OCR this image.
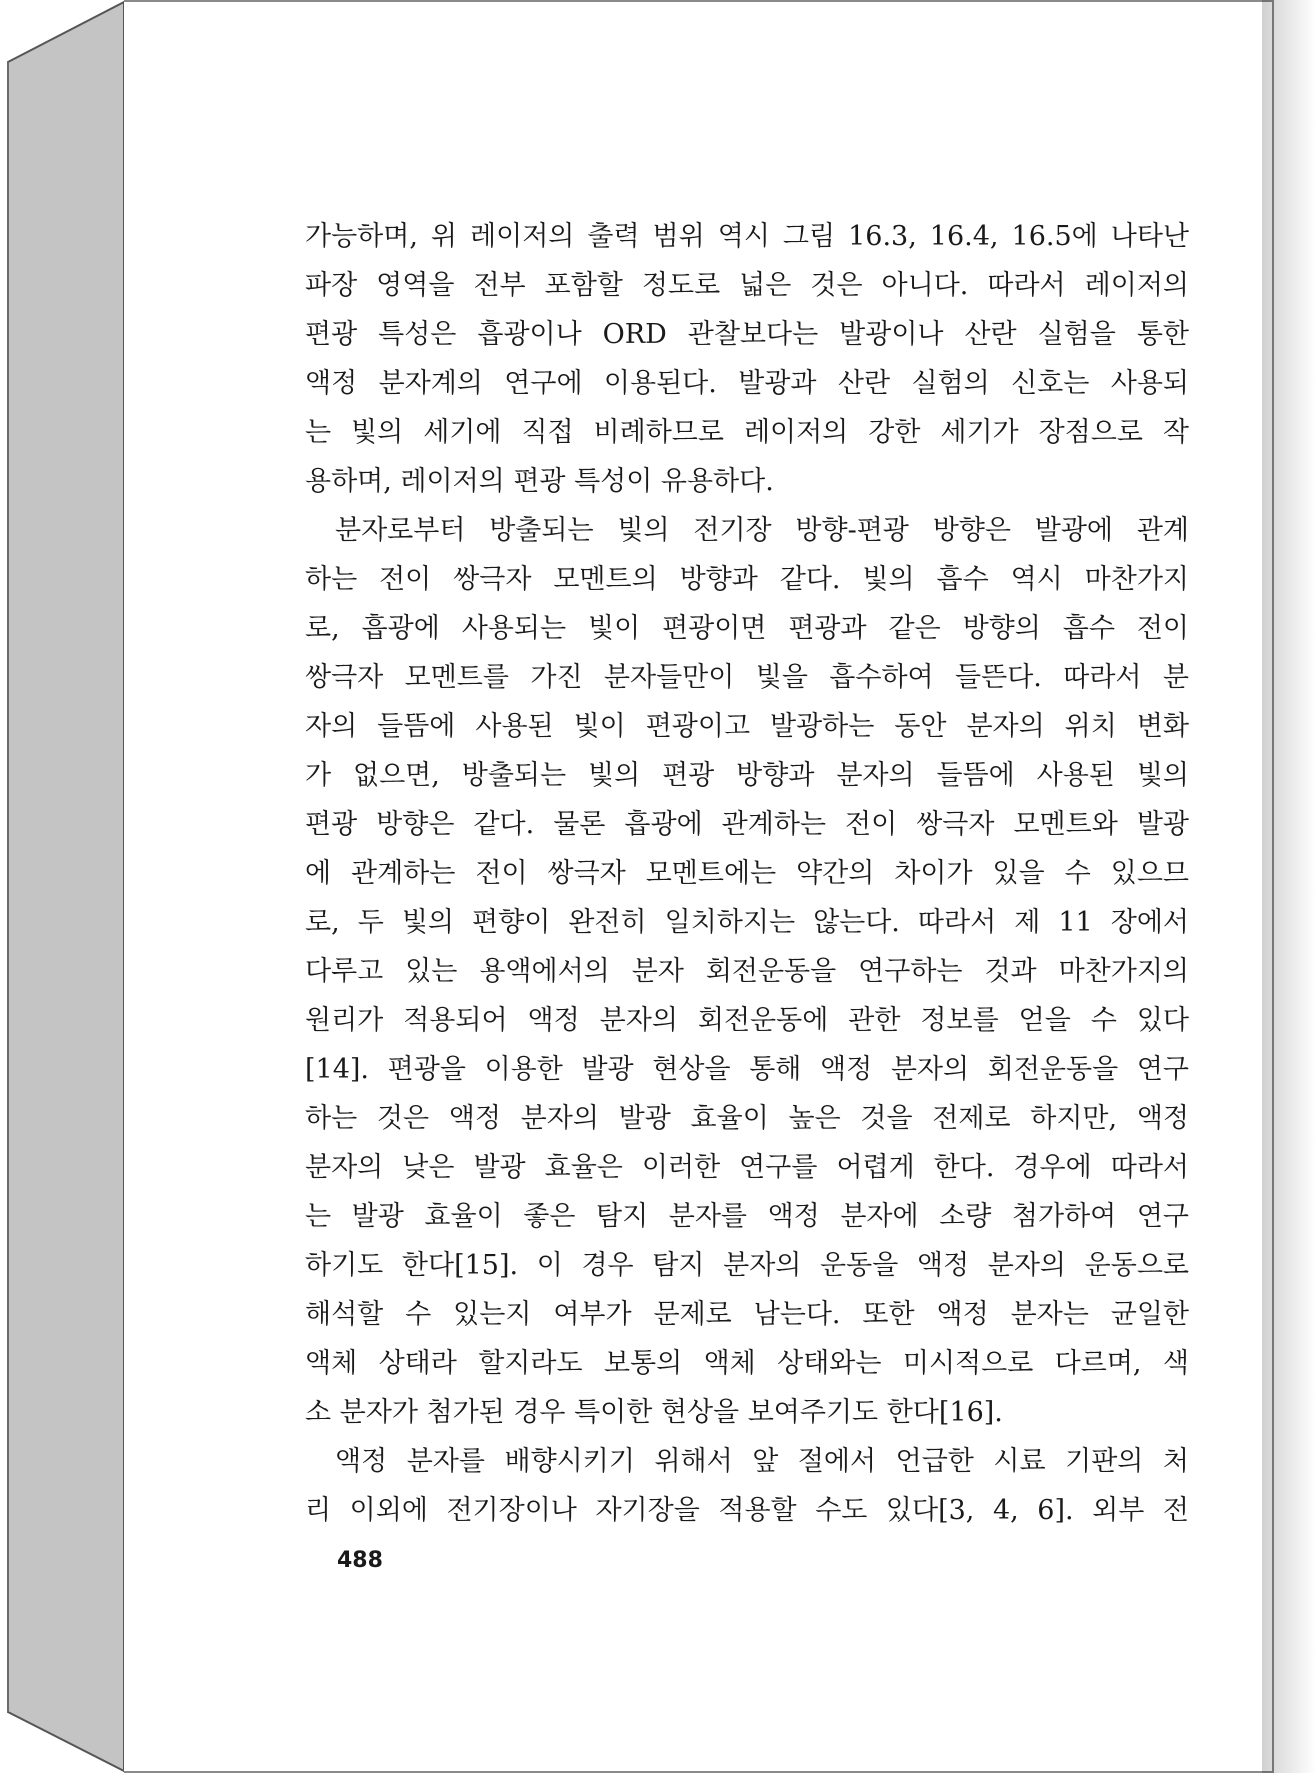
가능하며, 위 레이저의 출력 범위 역시 그림 16.3, 16.4, 16.5에 나타난
파장 영역을 전부 포함할 정도로 넓은 것은 아니다. 따라서 레이저의
편광 특성은 흡광이나 ORD 관찰보다는 발광이나 산란 실험을 통한
액정 분자계의 연구에 이용된다. 발광과 산란 실험의 신호는 사용되
는 빛의 세기에 직접 비례하므로 레이저의 강한 세기가 장점으로 작
용하며, 레이저의 편광 특성이 유용하다.
분자로부터 방출되는 빛의 전기장 방향-편광 방향은 발광에 관계
하는 전이 쌍극자 모멘트의 방향과 같다. 빛의 흡수 역시 마찬가지
로, 흡광에 사용되는 빛이 편광이면 편광과 같은 방향의 흡수 전이
쌍극자 모멘트를 가진 분자들만이 빛을 흡수하여 들뜬다. 따라서 분
자의 들뜸에 사용된 빛이 편광이고 발광하는 동안 분자의 위치 변화
가 없으면, 방출되는 빛의 편광 방향과 분자의 들뜸에 사용된 빛의
편광 방향은 같다. 물론 흡광에 관계하는 전이 쌍극자 모멘트와 발광
에 관계하는 전이 쌍극자 모멘트에는 약간의 차이가 있을 수 있으므
로, 두 빛의 편향이 완전히 일치하지는 않는다. 따라서 제 11 장에서
다루고 있는 용액에서의 분자 회전운동을 연구하는 것과 마찬가지의
원리가 적용되어 액정 분자의 회전운동에 관한 정보를 얻을 수 있다
[14]. 편광을 이용한 발광 현상을 통해 액정 분자의 회전운동을 연구
하는 것은 액정 분자의 발광 효율이 높은 것을 전제로 하지만, 액정
분자의 낮은 발광 효율은 이러한 연구를 어렵게 한다. 경우에 따라서
는 발광 효율이 좋은 탐지 분자를 액정 분자에 소량 첨가하여 연구
하기도 한다[15]. 이 경우 탐지 분자의 운동을 액정 분자의 운동으로
해석할 수 있는지 여부가 문제로 남는다. 또한 액정 분자는 균일한
액체 상태라 할지라도 보통의 액체 상태와는 미시적으로 다르며, 색
소 분자가 첨가된 경우 특이한 현상을 보여주기도 한다[16].
액정 분자를 배향시키기 위해서 앞 절에서 언급한 시료 기판의 처
리 이외에 전기장이나 자기장을 적용할 수도 있다[3, 4, 6]. 외부 전
488
